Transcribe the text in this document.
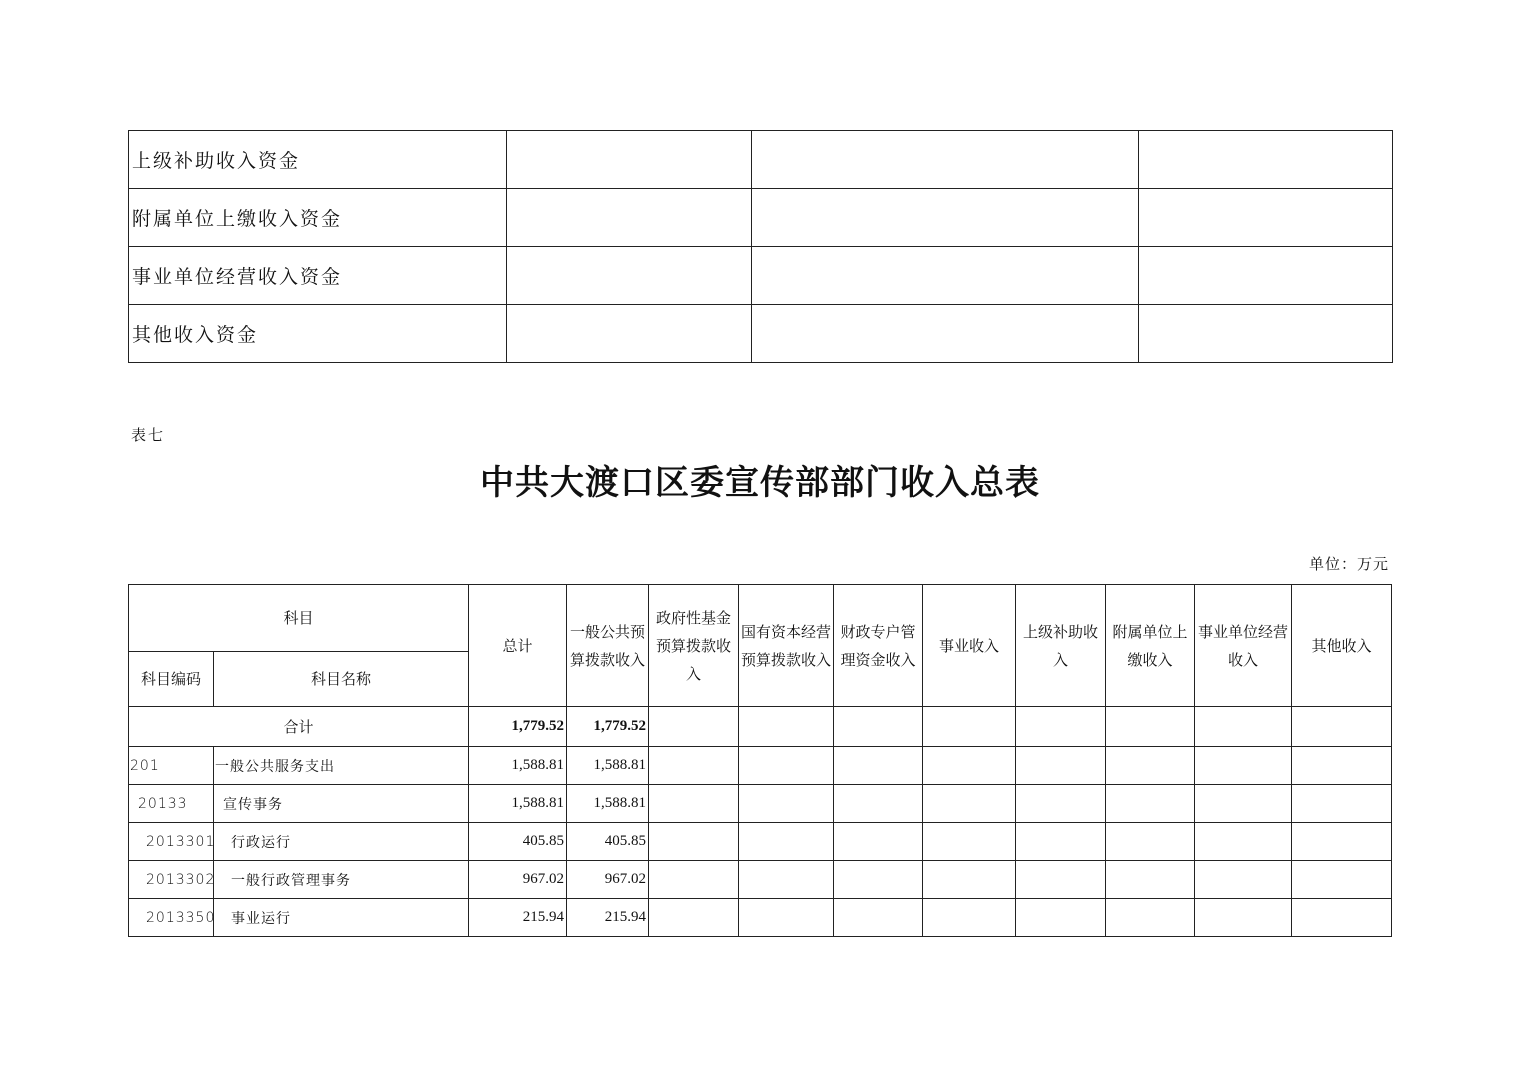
上级补助收入资金			
附属单位上缴收入资金			
事业单位经营收入资金			
其他收入资金			
表七
中共大渡口区委宣传部部门收入总表
单位：万元
科目		总计	一般公共预算拨款收入	政府性基金预算拨款收入	国有资本经营预算拨款收入	财政专户管理资金收入	事业收入	上级补助收入	附属单位上缴收入	事业单位经营收入	其他收入
科目编码	科目名称										
合计		1,779.52	1,779.52								
201	一般公共服务支出	1,588.81	1,588.81								
20133	宣传事务	1,588.81	1,588.81								
2013301	行政运行	405.85	405.85								
2013302	一般行政管理事务	967.02	967.02								
2013350	事业运行	215.94	215.94								
